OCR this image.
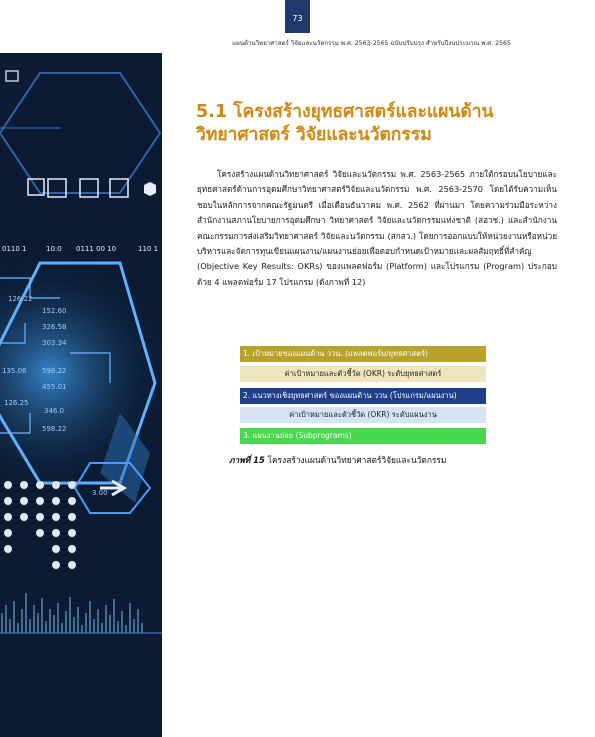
73
แผนด้านวิทยาศาสตร์ วิจัยและนวัตกรรม พ.ศ. 2563-2565 ฉบับปรับปรุง สำหรับปีงบประมาณ พ.ศ. 2565
0110 1	10:0 0111 00 10	110 1
152.60
126.22
326.58
303.34
135.06 598.22
455.01
126.25
346.0
598.22
3.00
5.1 โครงสร้างยุทธศาสตร์และแผนด้านวิทยาศาสตร์ วิจัยและนวัตกรรม

โครงสร้างแผนด้านวิทยาศาสตร์ วิจัยและนวัตกรรม พ.ศ. 2563-2565 ภายใต้กรอบนโยบายและยุทธศาสตร์ด้านการอุดมศึกษาวิทยาศาสตร์วิจัยและนวัตกรรม พ.ศ. 2563-2570 โดยได้รับความเห็นชอบในหลักการจากคณะรัฐมนตรี เมื่อเดือนธันวาคม พ.ศ. 2562 ที่ผ่านมา โดยความร่วมมือระหว่างสำนักงานสภานโยบายการอุดมศึกษา วิทยาศาสตร์ วิจัยและนวัตกรรมแห่งชาติ (สอวช.) และสำนักงานคณะกรรมการส่งเสริมวิทยาศาสตร์ วิจัยและนวัตกรรม (สกสว.) โดยการออกแบบให้หน่วยงานหรือหน่วยบริหารและจัดการทุนเขียนแผนงาน/แผนงานย่อยเพื่อตอบกำหนดเป้าหมายและผลสัมฤทธิ์ที่สำคัญ (Objective Key Results: OKRs) ของแพลตฟอร์ม (Platform) และโปรแกรม (Program) ประกอบด้วย 4 แพลตฟอร์ม 17 โปรแกรม (ดังภาพที่ 12)

1. เป้าหมายของแผนด้าน ววน. (แพลตฟอร์ม/ยุทธศาสตร์)
ค่าเป้าหมายและตัวชี้วัด (OKR) ระดับยุทธศาสตร์
2. แนวทางเชิงยุทธศาสตร์ ของแผนด้าน ววน (โปรแกรม/แผนงาน)
ค่าเป้าหมายและตัวชี้วัด (OKR) ระดับแผนงาน
3. แผนงานย่อย (Subprograms)
ภาพที่ 15 โครงสร้างแผนด้านวิทยาศาสตร์วิจัยและนวัตกรรม
